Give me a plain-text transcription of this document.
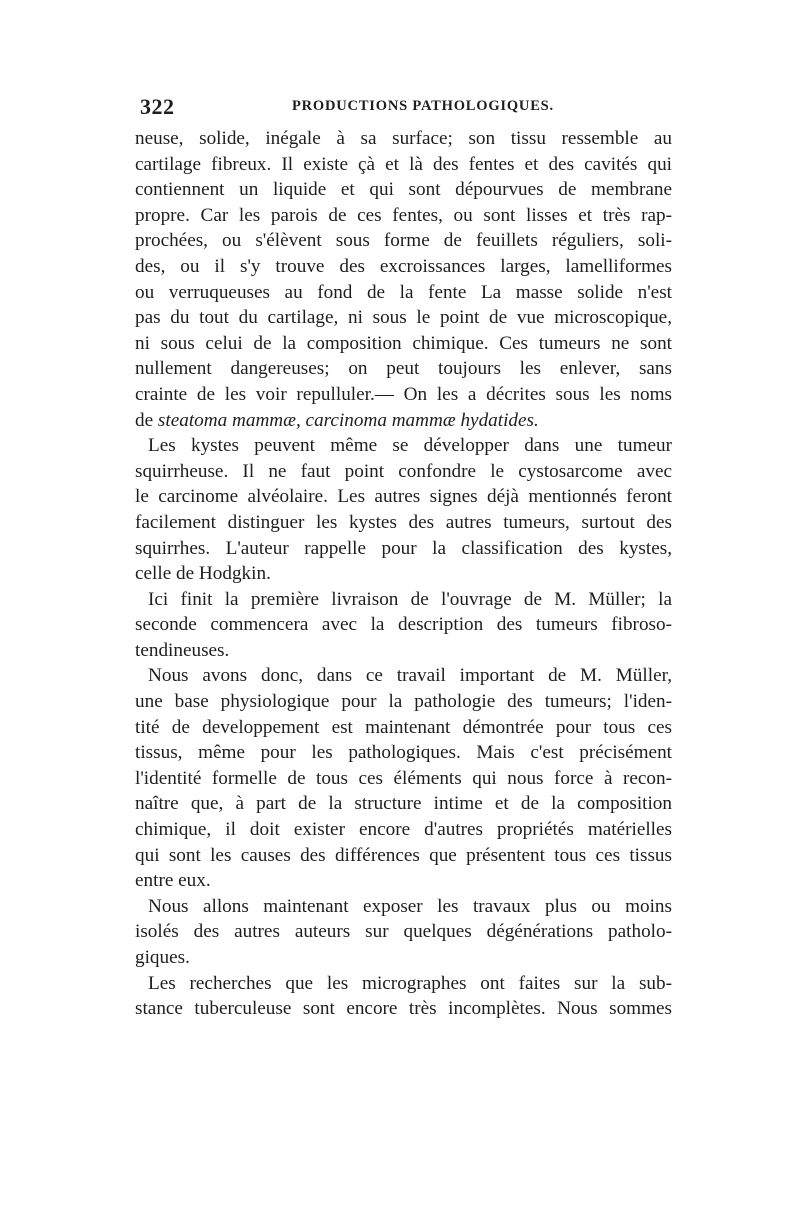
322	PRODUCTIONS PATHOLOGIQUES.
neuse, solide, inégale à sa surface; son tissu ressemble au
cartilage fibreux. Il existe çà et là des fentes et des cavités qui
contiennent un liquide et qui sont dépourvues de membrane
propre. Car les parois de ces fentes, ou sont lisses et très rap-
prochées, ou s'élèvent sous forme de feuillets réguliers, soli-
des, ou il s'y trouve des excroissances larges, lamelliformes
ou verruqueuses au fond de la fente La masse solide n'est
pas du tout du cartilage, ni sous le point de vue microscopique,
ni sous celui de la composition chimique. Ces tumeurs ne sont
nullement dangereuses; on peut toujours les enlever, sans
crainte de les voir repulluler.— On les a décrites sous les noms
de steatoma mammæ, carcinoma mammæ hydatides.
Les kystes peuvent même se développer dans une tumeur
squirrheuse. Il ne faut point confondre le cystosarcome avec
le carcinome alvéolaire. Les autres signes déjà mentionnés feront
facilement distinguer les kystes des autres tumeurs, surtout des
squirrhes. L'auteur rappelle pour la classification des kystes,
celle de Hodgkin.
Ici finit la première livraison de l'ouvrage de M. Müller; la
seconde commencera avec la description des tumeurs fibroso-
tendineuses.
Nous avons donc, dans ce travail important de M. Müller,
une base physiologique pour la pathologie des tumeurs; l'iden-
tité de developpement est maintenant démontrée pour tous ces
tissus, même pour les pathologiques. Mais c'est précisément
l'identité formelle de tous ces éléments qui nous force à recon-
naître que, à part de la structure intime et de la composition
chimique, il doit exister encore d'autres propriétés matérielles
qui sont les causes des différences que présentent tous ces tissus
entre eux.
Nous allons maintenant exposer les travaux plus ou moins
isolés des autres auteurs sur quelques dégénérations patholo-
giques.
Les recherches que les micrographes ont faites sur la sub-
stance tuberculeuse sont encore très incomplètes. Nous sommes
